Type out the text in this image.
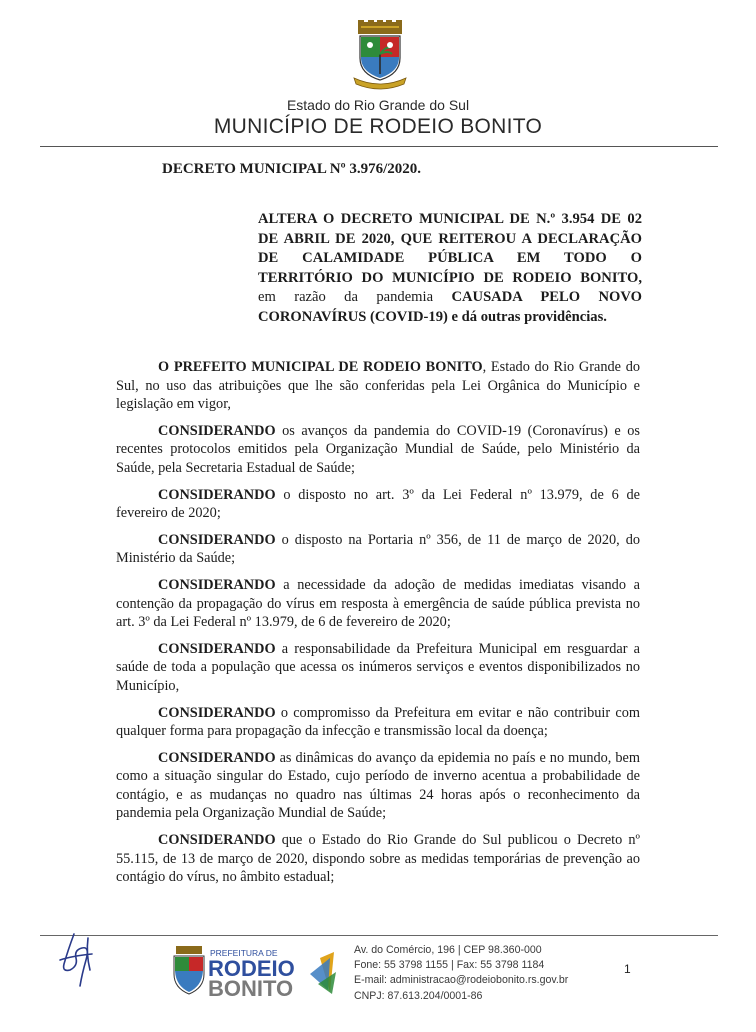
Estado do Rio Grande do Sul
MUNICÍPIO DE RODEIO BONITO
DECRETO MUNICIPAL Nº 3.976/2020.
ALTERA O DECRETO MUNICIPAL DE N.º 3.954 DE 02
DE ABRIL DE 2020, QUE REITEROU A DECLARAÇÃO
DE CALAMIDADE PÚBLICA EM TODO O
TERRITÓRIO DO MUNICÍPIO DE RODEIO BONITO,
em razão da pandemia CAUSADA PELO NOVO
CORONAVÍRUS (COVID-19) e dá outras providências.

O PREFEITO MUNICIPAL DE RODEIO BONITO, Estado do Rio Grande do Sul, no uso das atribuições que lhe são conferidas pela Lei Orgânica do Município e legislação em vigor,

CONSIDERANDO os avanços da pandemia do COVID-19 (Coronavírus) e os recentes protocolos emitidos pela Organização Mundial de Saúde, pelo Ministério da Saúde, pela Secretaria Estadual de Saúde;

CONSIDERANDO o disposto no art. 3º da Lei Federal nº 13.979, de 6 de fevereiro de 2020;

CONSIDERANDO o disposto na Portaria nº 356, de 11 de março de 2020, do Ministério da Saúde;

CONSIDERANDO a necessidade da adoção de medidas imediatas visando a contenção da propagação do vírus em resposta à emergência de saúde pública prevista no art. 3º da Lei Federal nº 13.979, de 6 de fevereiro de 2020;

CONSIDERANDO a responsabilidade da Prefeitura Municipal em resguardar a saúde de toda a população que acessa os inúmeros serviços e eventos disponibilizados no Município,

CONSIDERANDO o compromisso da Prefeitura em evitar e não contribuir com qualquer forma para propagação da infecção e transmissão local da doença;

CONSIDERANDO as dinâmicas do avanço da epidemia no país e no mundo, bem como a situação singular do Estado, cujo período de inverno acentua a probabilidade de contágio, e as mudanças no quadro nas últimas 24 horas após o reconhecimento da pandemia pela Organização Mundial de Saúde;

CONSIDERANDO que o Estado do Rio Grande do Sul publicou o Decreto nº 55.115, de 13 de março de 2020, dispondo sobre as medidas temporárias de prevenção ao contágio do vírus, no âmbito estadual;

PREFEITURA DE
RODEIO
BONITO
Av. do Comércio, 196 | CEP 98.360-000
Fone: 55 3798 1155 | Fax: 55 3798 1184
E-mail: administracao@rodeiobonito.rs.gov.br
CNPJ: 87.613.204/0001-86
1
